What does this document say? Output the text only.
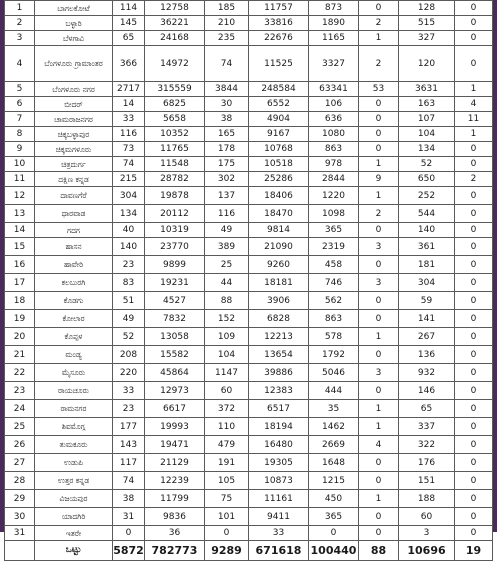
1	ಬಾಗಲಕೋಟೆ	114	12758	185	11757	873	0	128	0
2	ಬಳ್ಳಾರಿ	145	36221	210	33816	1890	2	515	0
3	ಬೆಳಗಾವಿ	65	24168	235	22676	1165	1	327	0
4	ಬೆಂಗಳೂರು ಗ್ರಾಮಾಂತರ	366	14972	74	11525	3327	2	120	0
5	ಬೆಂಗಳೂರು ನಗರ	2717	315559	3844	248584	63341	53	3631	1
6	ಬೀದರ್	14	6825	30	6552	106	0	163	4
7	ಚಾಮರಾಜನಗರ	33	5658	38	4904	636	0	107	11
8	ಚಿಕ್ಕಬಳ್ಳಾಪುರ	116	10352	165	9167	1080	0	104	1
9	ಚಿಕ್ಕಮಗಳೂರು	73	11765	178	10768	863	0	134	0
10	ಚಿತ್ರದುರ್ಗ	74	11548	175	10518	978	1	52	0
11	ದಕ್ಷಿಣ ಕನ್ನಡ	215	28782	302	25286	2844	9	650	2
12	ದಾವಣಗೆರೆ	304	19878	137	18406	1220	1	252	0
13	ಧಾರವಾಡ	134	20112	116	18470	1098	2	544	0
14	ಗದಗ	40	10319	49	9814	365	0	140	0
15	ಹಾಸನ	140	23770	389	21090	2319	3	361	0
16	ಹಾವೇರಿ	23	9899	25	9260	458	0	181	0
17	ಕಲಬುರಗಿ	83	19231	44	18181	746	3	304	0
18	ಕೊಡಗು	51	4527	88	3906	562	0	59	0
19	ಕೋಲಾರ	49	7832	152	6828	863	0	141	0
20	ಕೊಪ್ಪಳ	52	13058	109	12213	578	1	267	0
21	ಮಂಡ್ಯ	208	15582	104	13654	1792	0	136	0
22	ಮೈಸೂರು	220	45864	1147	39886	5046	3	932	0
23	ರಾಯಚೂರು	33	12973	60	12383	444	0	146	0
24	ರಾಮನಗರ	23	6617	372	6517	35	1	65	0
25	ಶಿವಮೊಗ್ಗ	177	19993	110	18194	1462	1	337	0
26	ತುಮಕೂರು	143	19471	479	16480	2669	4	322	0
27	ಉಡುಪಿ	117	21129	191	19305	1648	0	176	0
28	ಉತ್ತರ ಕನ್ನಡ	74	12239	105	10873	1215	0	151	0
29	ವಿಜಯಪುರ	38	11799	75	11161	450	1	188	0
30	ಯಾದಗಿರಿ	31	9836	101	9411	365	0	60	0
31	ಇತರೇ	0	36	0	33	0	0	3	0
	ಒಟ್ಟು	5872	782773	9289	671618	100440	88	10696	19
